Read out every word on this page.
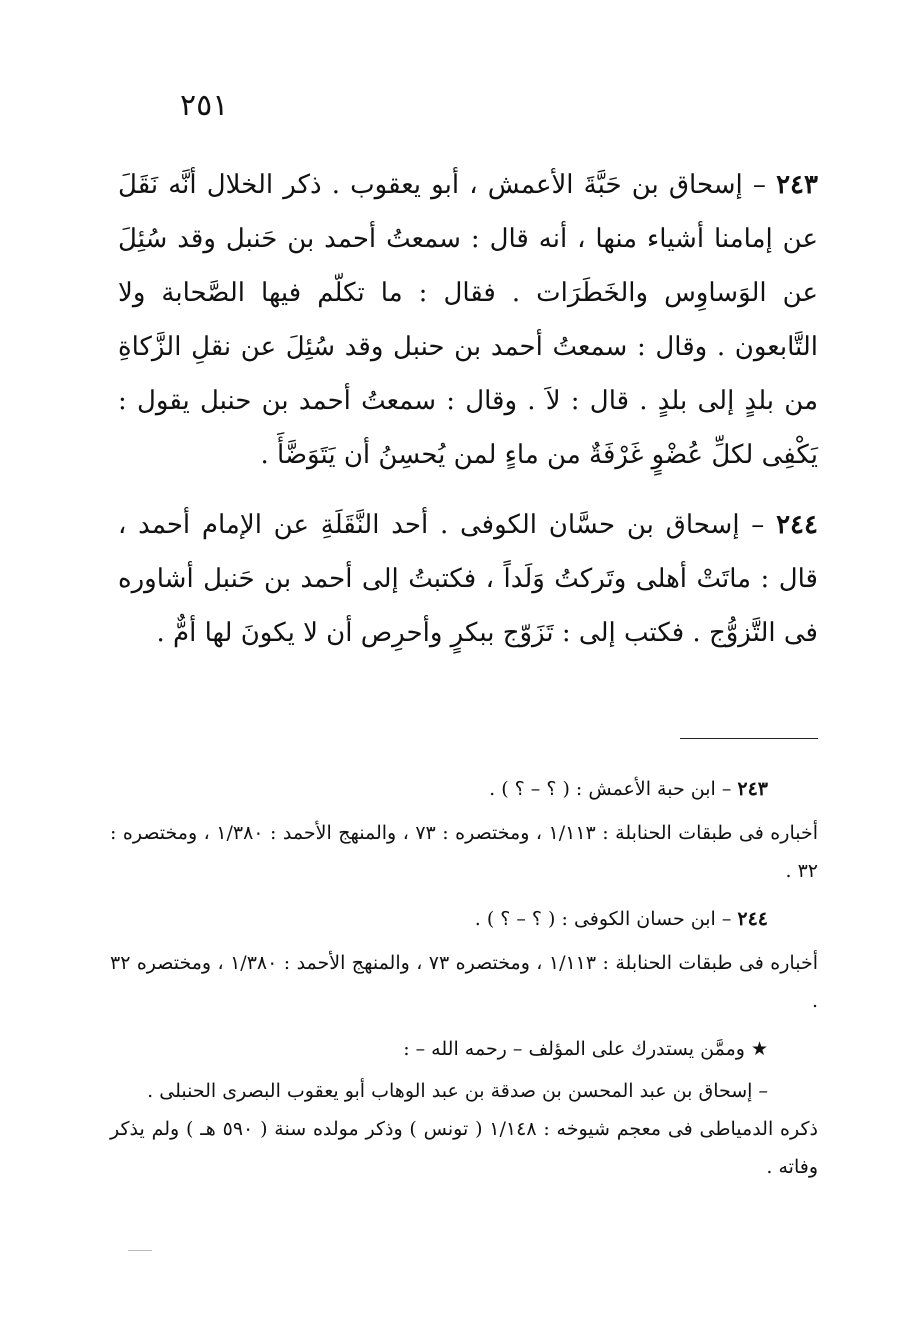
٢٥١

٢٤٣ – إسحاق بن حَبَّةَ الأعمش ، أبو يعقوب . ذكر الخلال أنَّه نَقَلَ عن إمامنا أشياء منها ، أنه قال : سمعتُ أحمد بن حَنبل وقد سُئِلَ عن الوَساوِس والخَطَرَات . فقال : ما تكلّم فيها الصَّحابة ولا التَّابعون . وقال : سمعتُ أحمد بن حنبل وقد سُئِلَ عن نقلِ الزَّكاةِ من بلدٍ إلى بلدٍ . قال : لاَ . وقال : سمعتُ أحمد بن حنبل يقول : يَكْفِى لكلِّ عُضْوٍ غَرْفَةٌ من ماءٍ لمن يُحسِنُ أن يَتَوَضَّأَ .

٢٤٤ – إسحاق بن حسَّان الكوفى . أحد النَّقَلَةِ عن الإمام أحمد ، قال : ماتَتْ أهلى وتَركتُ وَلَداً ، فكتبتُ إلى أحمد بن حَنبل أشاوره فى التَّزوُّج . فكتب إلى : تَزَوّج ببكرٍ وأحرِص أن لا يكونَ لها أمٌّ .

٢٤٣ – ابن حبة الأعمش : ( ؟ – ؟ ) .

أخباره فى طبقات الحنابلة : ١/١١٣ ، ومختصره : ٧٣ ، والمنهج الأحمد : ١/٣٨٠ ، ومختصره : ٣٢ .

٢٤٤ – ابن حسان الكوفى : ( ؟ – ؟ ) .

أخباره فى طبقات الحنابلة : ١/١١٣ ، ومختصره ٧٣ ، والمنهج الأحمد : ١/٣٨٠ ، ومختصره ٣٢ .

★ وممَّن يستدرك على المؤلف – رحمه الله – :

– إسحاق بن عبد المحسن بن صدقة بن عبد الوهاب أبو يعقوب البصرى الحنبلى .

ذكره الدمياطى فى معجم شيوخه : ١/١٤٨ ( تونس ) وذكر مولده سنة ( ٥٩٠ هـ ) ولم يذكر وفاته .
